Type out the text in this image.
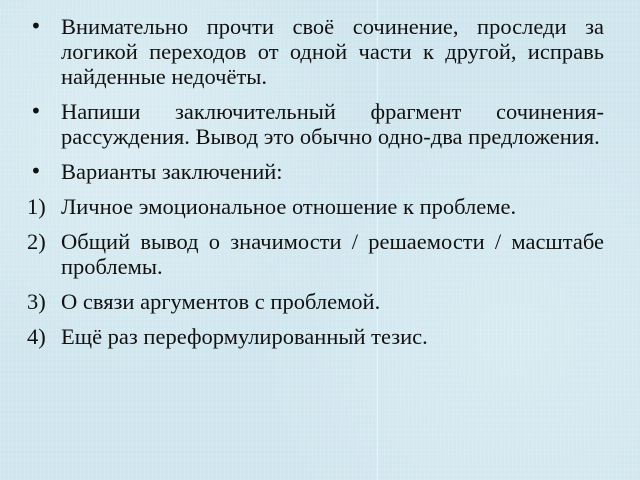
• Внимательно прочти своё сочинение, проследи за логикой переходов от одной части к другой, исправь найденные недочёты.
• Напиши заключительный фрагмент сочинения-рассуждения. Вывод это обычно одно-два предложения.
• Варианты заключений:
1) Личное эмоциональное отношение к проблеме.
2) Общий вывод о значимости / решаемости / масштабе проблемы.
3) О связи аргументов с проблемой.
4) Ещё раз переформулированный тезис.
